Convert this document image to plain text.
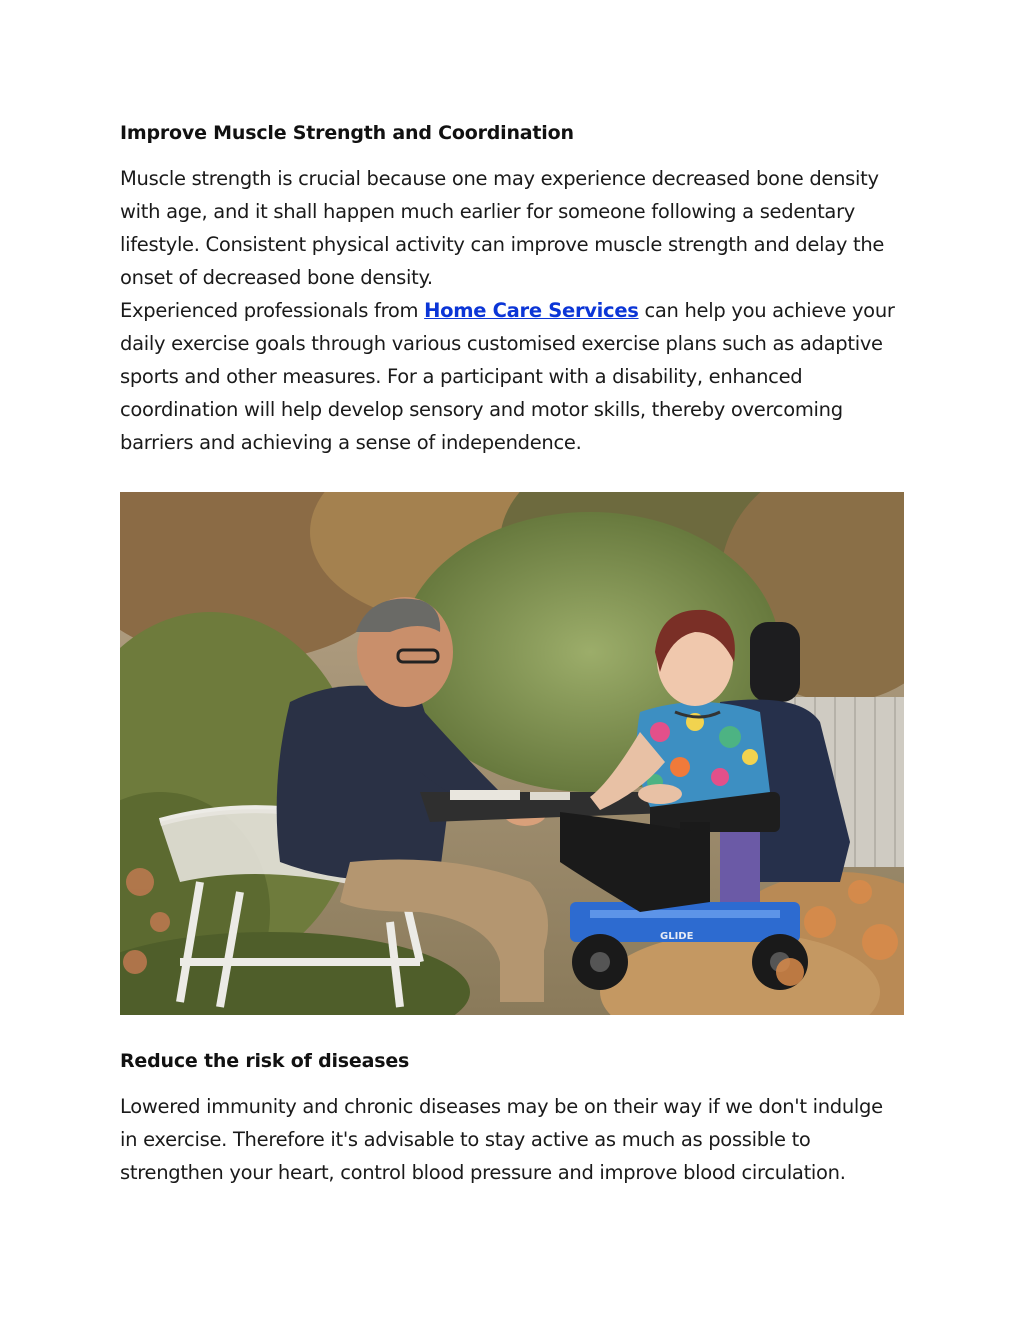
Improve Muscle Strength and Coordination
Muscle strength is crucial because one may experience decreased bone density with age, and it shall happen much earlier for someone following a sedentary lifestyle. Consistent physical activity can improve muscle strength and delay the onset of decreased bone density.
Experienced professionals from Home Care Services can help you achieve your daily exercise goals through various customised exercise plans such as adaptive sports and other measures. For a participant with a disability, enhanced coordination will help develop sensory and motor skills, thereby overcoming barriers and achieving a sense of independence.
GLIDE
Reduce the risk of diseases

Lowered immunity and chronic diseases may be on their way if we don't indulge in exercise. Therefore it's advisable to stay active as much as possible to strengthen your heart, control blood pressure and improve blood circulation.
